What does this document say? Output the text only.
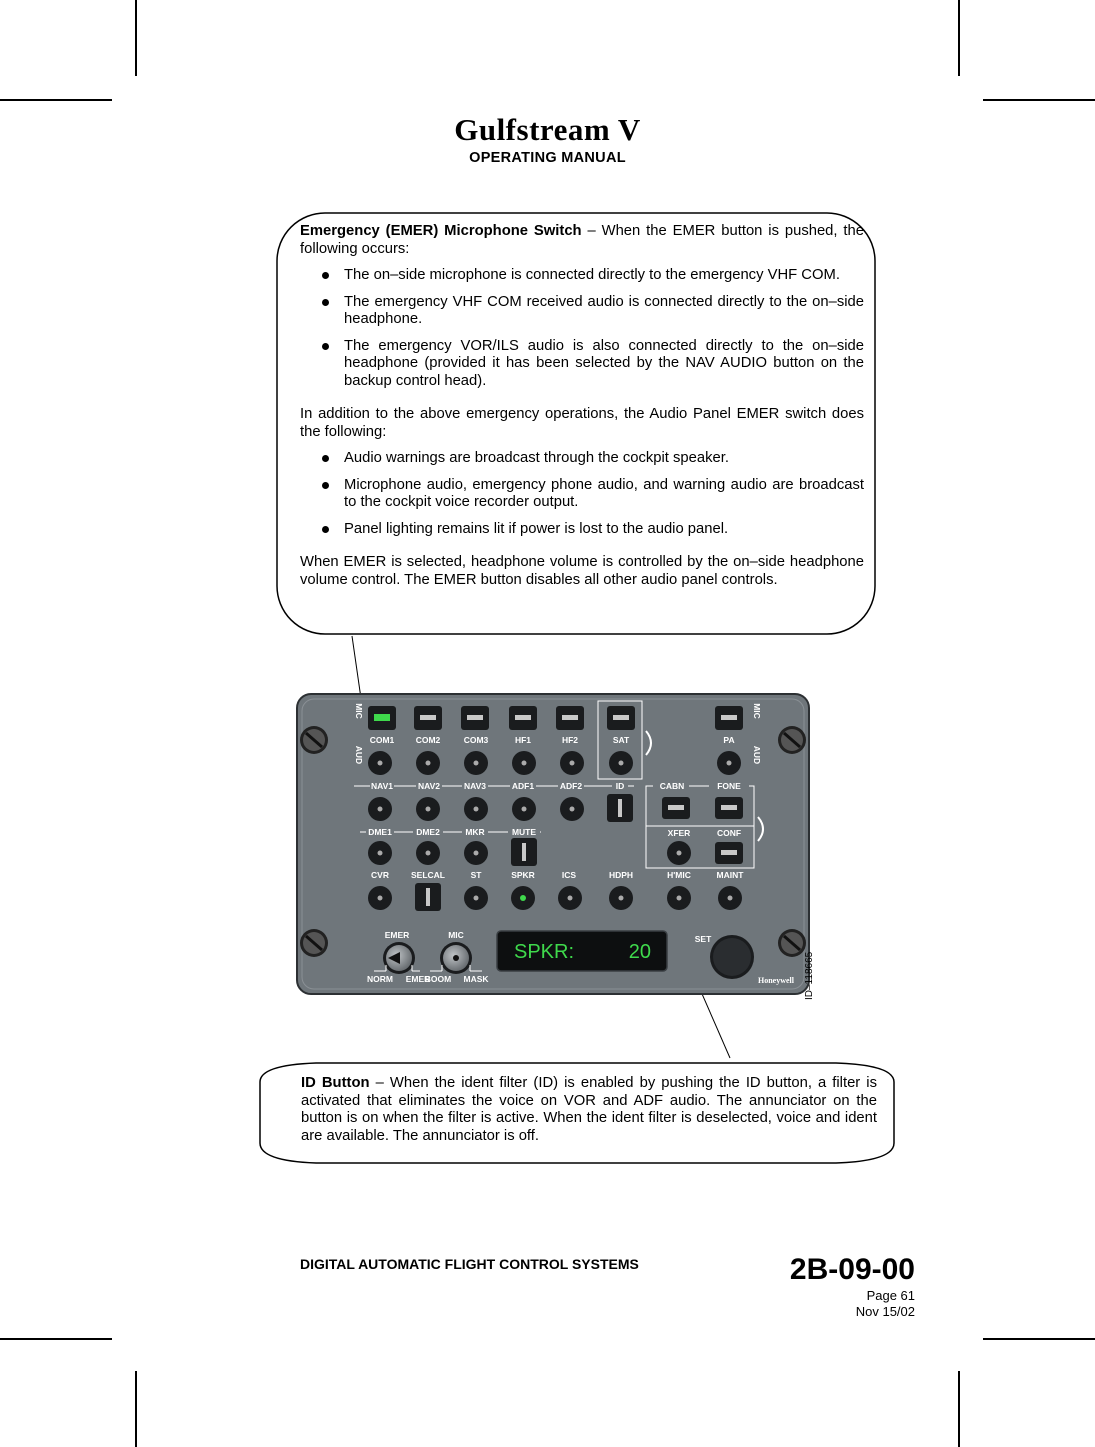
Gulfstream V
OPERATING MANUAL

Emergency (EMER) Microphone Switch – When the EMER button is pushed, the following occurs:

The on–side microphone is connected directly to the emergency VHF COM.
The emergency VHF COM received audio is connected directly to the on–side headphone.
The emergency VOR/ILS audio is also connected directly to the on–side headphone (provided it has been selected by the NAV AUDIO button on the backup control head).

In addition to the above emergency operations, the Audio Panel EMER switch does the following:

Audio warnings are broadcast through the cockpit speaker.
Microphone audio, emergency phone audio, and warning audio are broadcast to the cockpit voice recorder output.
Panel lighting remains lit if power is lost to the audio panel.

When EMER is selected, headphone volume is controlled by the on–side headphone volume control. The EMER button disables all other audio panel controls.

MIC
AUD
MIC
AUD
COM1	COM2	COM3	HF1	HF2	SAT	PA
NAV1	NAV2	NAV3	ADF1	ADF2	ID	CABN	FONE
DME1	DME2	MKR	MUTE	XFER	CONF
CVR	SELCAL	ST	SPKR	ICS	HDPH	H'MIC	MAINT
EMER	MIC
NORM EMER
BOOM MASK
SPKR:	20
SET
Honeywell ID–118665

ID Button – When the ident filter (ID) is enabled by pushing the ID button, a filter is activated that eliminates the voice on VOR and ADF audio. The annunciator on the button is on when the filter is active. When the ident filter is deselected, voice and ident are available. The annunciator is off.

DIGITAL AUTOMATIC FLIGHT CONTROL SYSTEMS	2B-09-00
Page 61
Nov 15/02
